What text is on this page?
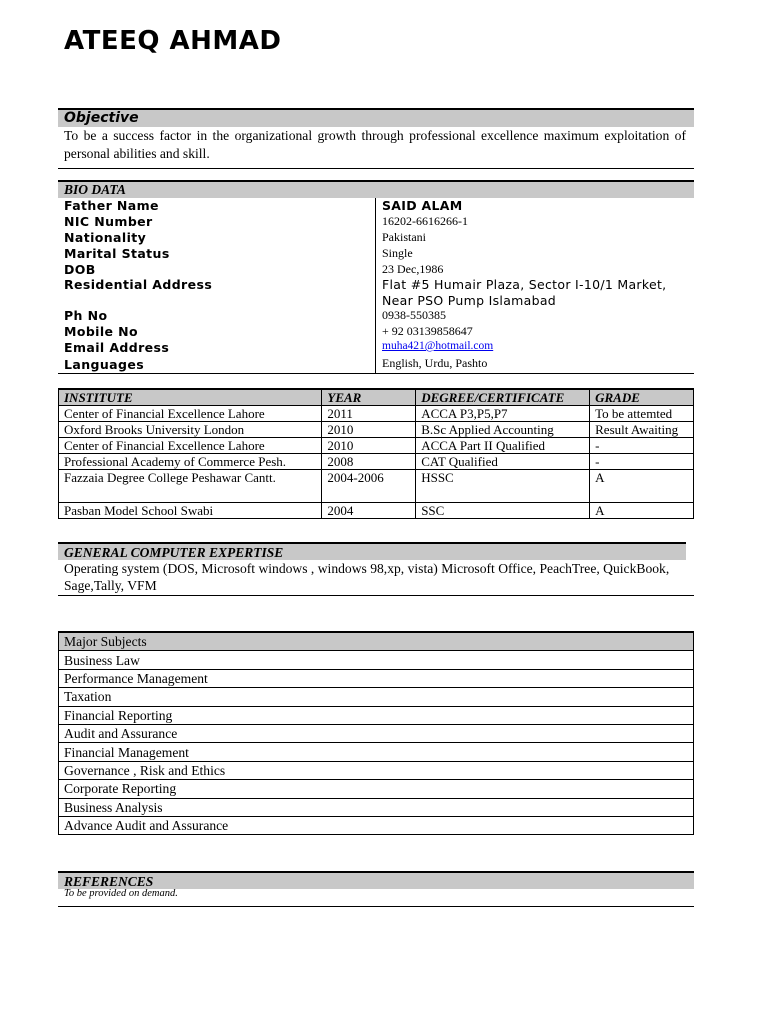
ATEEQ AHMAD
Objective
To be a success factor in the organizational growth through professional excellence maximum exploitation of personal abilities and skill.
BIO DATA
Father Name	SAID ALAM
NIC Number	16202-6616266-1
Nationality	Pakistani
Marital Status	Single
DOB	23 Dec,1986
Residential Address	Flat #5 Humair Plaza, Sector I-10/1 Market,
Near PSO Pump Islamabad
Ph No	0938-550385
Mobile No	+ 92 03139858647
Email Address	muha421@hotmail.com
Languages	English, Urdu, Pashto
INSTITUTE	YEAR	DEGREE/CERTIFICATE	GRADE
Center of Financial Excellence Lahore	2011	ACCA P3,P5,P7	To be attemted
Oxford Brooks University London	2010	B.Sc Applied Accounting	Result Awaiting
Center of Financial Excellence Lahore	2010	ACCA Part II Qualified	-
Professional Academy of Commerce Pesh.	2008	CAT Qualified	-
Fazzaia Degree College Peshawar Cantt.	2004-2006	HSSC	A
Pasban Model School Swabi	2004	SSC	A
GENERAL COMPUTER EXPERTISE
Operating system (DOS, Microsoft windows , windows 98,xp, vista) Microsoft Office, PeachTree, QuickBook, Sage,Tally, VFM
Major Subjects
Business Law
Performance Management
Taxation
Financial Reporting
Audit and Assurance
Financial Management
Governance , Risk and Ethics
Corporate Reporting
Business Analysis
Advance Audit and Assurance
REFERENCES
To be provided on demand.
